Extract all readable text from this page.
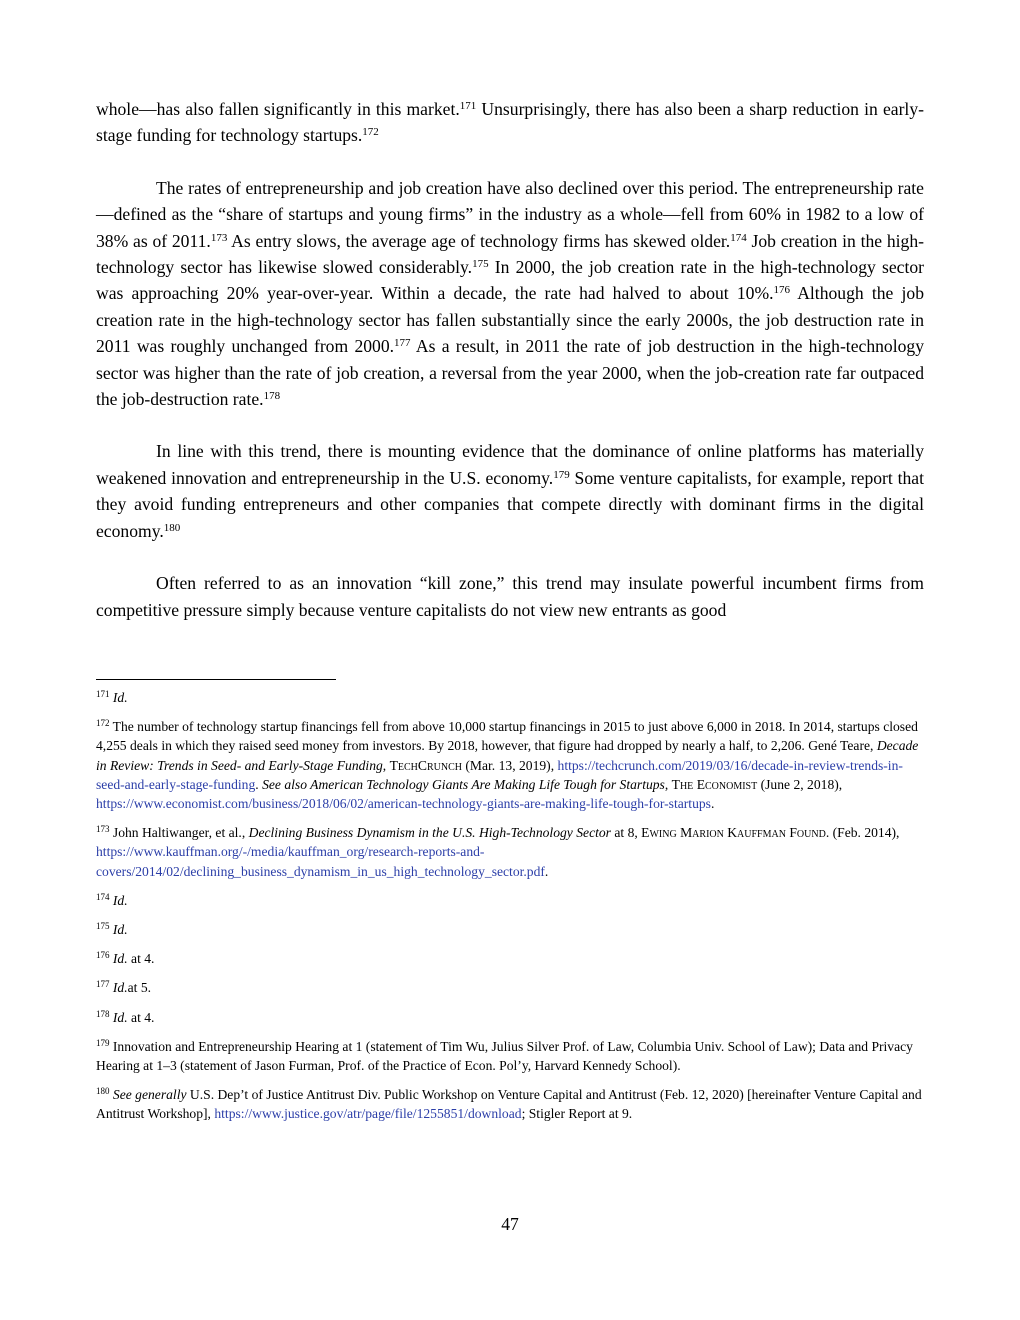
whole—has also fallen significantly in this market.$^{171}$ Unsurprisingly, there has also been a sharp reduction in early-stage funding for technology startups.$^{172}$

The rates of entrepreneurship and job creation have also declined over this period. The entrepreneurship rate—defined as the “share of startups and young firms” in the industry as a whole—fell from 60% in 1982 to a low of 38% as of 2011.$^{173}$ As entry slows, the average age of technology firms has skewed older.$^{174}$ Job creation in the high-technology sector has likewise slowed considerably.$^{175}$ In 2000, the job creation rate in the high-technology sector was approaching 20% year-over-year. Within a decade, the rate had halved to about 10%.$^{176}$ Although the job creation rate in the high-technology sector has fallen substantially since the early 2000s, the job destruction rate in 2011 was roughly unchanged from 2000.$^{177}$ As a result, in 2011 the rate of job destruction in the high-technology sector was higher than the rate of job creation, a reversal from the year 2000, when the job-creation rate far outpaced the job-destruction rate.$^{178}$

In line with this trend, there is mounting evidence that the dominance of online platforms has materially weakened innovation and entrepreneurship in the U.S. economy.$^{179}$ Some venture capitalists, for example, report that they avoid funding entrepreneurs and other companies that compete directly with dominant firms in the digital economy.$^{180}$

Often referred to as an innovation “kill zone,” this trend may insulate powerful incumbent firms from competitive pressure simply because venture capitalists do not view new entrants as good

$^{171}$ Id.
$^{172}$ The number of technology startup financings fell from above 10,000 startup financings in 2015 to just above 6,000 in 2018. In 2014, startups closed 4,255 deals in which they raised seed money from investors. By 2018, however, that figure had dropped by nearly a half, to 2,206. Gené Teare, Decade in Review: Trends in Seed- and Early-Stage Funding, TechCrunch (Mar. 13, 2019), https://techcrunch.com/2019/03/16/decade-in-review-trends-in-seed-and-early-stage-funding. See also American Technology Giants Are Making Life Tough for Startups, The Economist (June 2, 2018), https://www.economist.com/business/2018/06/02/american-technology-giants-are-making-life-tough-for-startups.
$^{173}$ John Haltiwanger, et al., Declining Business Dynamism in the U.S. High-Technology Sector at 8, Ewing Marion Kauffman Found. (Feb. 2014), https://www.kauffman.org/-/media/kauffman_org/research-reports-and-covers/2014/02/declining_business_dynamism_in_us_high_technology_sector.pdf.
$^{174}$ Id.
$^{175}$ Id.
$^{176}$ Id. at 4.
$^{177}$ Id.at 5.
$^{178}$ Id. at 4.
$^{179}$ Innovation and Entrepreneurship Hearing at 1 (statement of Tim Wu, Julius Silver Prof. of Law, Columbia Univ. School of Law); Data and Privacy Hearing at 1–3 (statement of Jason Furman, Prof. of the Practice of Econ. Pol’y, Harvard Kennedy School).
$^{180}$ See generally U.S. Dep’t of Justice Antitrust Div. Public Workshop on Venture Capital and Antitrust (Feb. 12, 2020) [hereinafter Venture Capital and Antitrust Workshop], https://www.justice.gov/atr/page/file/1255851/download; Stigler Report at 9.
47
